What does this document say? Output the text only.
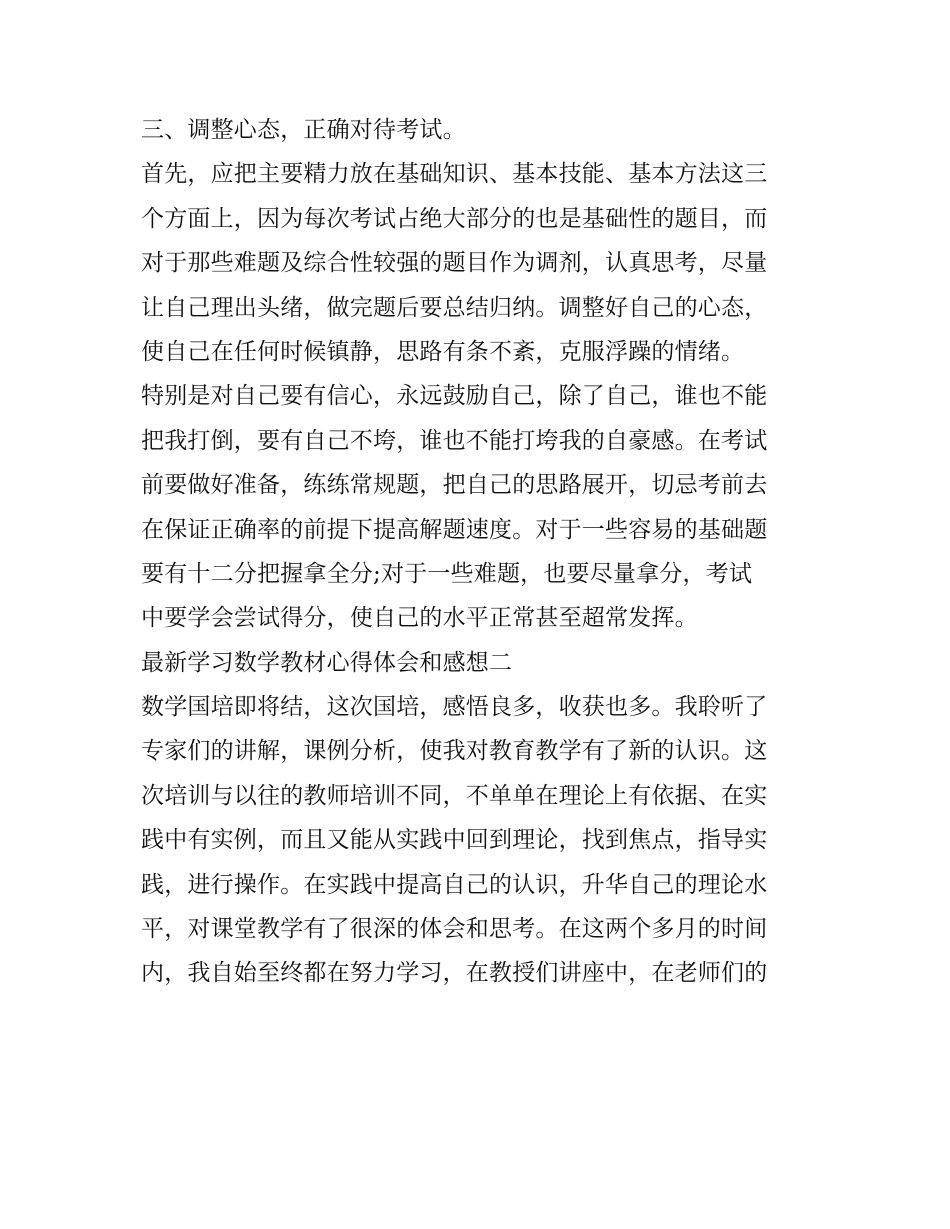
三、调整心态，正确对待考试。
首先，应把主要精力放在基础知识、基本技能、基本方法这三
个方面上，因为每次考试占绝大部分的也是基础性的题目，而
对于那些难题及综合性较强的题目作为调剂，认真思考，尽量
让自己理出头绪，做完题后要总结归纳。调整好自己的心态，
使自己在任何时候镇静，思路有条不紊，克服浮躁的情绪。
特别是对自己要有信心，永远鼓励自己，除了自己，谁也不能
把我打倒，要有自己不垮，谁也不能打垮我的自豪感。在考试
前要做好准备，练练常规题，把自己的思路展开，切忌考前去
在保证正确率的前提下提高解题速度。对于一些容易的基础题
要有十二分把握拿全分;对于一些难题，也要尽量拿分，考试
中要学会尝试得分，使自己的水平正常甚至超常发挥。
最新学习数学教材心得体会和感想二
数学国培即将结，这次国培，感悟良多，收获也多。我聆听了
专家们的讲解，课例分析，使我对教育教学有了新的认识。这
次培训与以往的教师培训不同，不单单在理论上有依据、在实
践中有实例，而且又能从实践中回到理论，找到焦点，指导实
践，进行操作。在实践中提高自己的认识，升华自己的理论水
平，对课堂教学有了很深的体会和思考。在这两个多月的时间
内，我自始至终都在努力学习，在教授们讲座中，在老师们的
